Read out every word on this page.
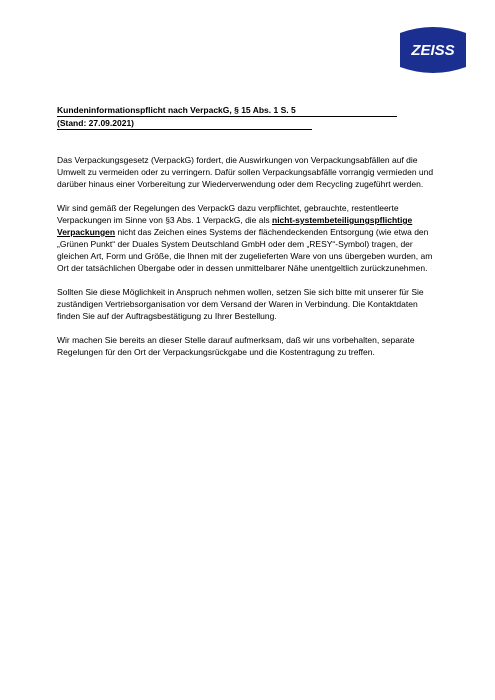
ZEISS
Kundeninformationspflicht nach VerpackG, § 15 Abs. 1 S. 5
(Stand: 27.09.2021)

Das Verpackungsgesetz (VerpackG) fordert, die Auswirkungen von Verpackungsabfällen auf die Umwelt zu vermeiden oder zu verringern. Dafür sollen Verpackungsabfälle vorrangig vermieden und darüber hinaus einer Vorbereitung zur Wiederverwendung oder dem Recycling zugeführt werden.

Wir sind gemäß der Regelungen des VerpackG dazu verpflichtet, gebrauchte, restentleerte Verpackungen im Sinne von §3 Abs. 1 VerpackG, die als nicht-systembeteiligungspflichtige Verpackungen nicht das Zeichen eines Systems der flächendeckenden Entsorgung (wie etwa den „Grünen Punkt“ der Duales System Deutschland GmbH oder dem „RESY“-Symbol) tragen, der gleichen Art, Form und Größe, die Ihnen mit der zugelieferten Ware von uns übergeben wurden, am Ort der tatsächlichen Übergabe oder in dessen unmittelbarer Nähe unentgeltlich zurückzunehmen.

Sollten Sie diese Möglichkeit in Anspruch nehmen wollen, setzen Sie sich bitte mit unserer für Sie zuständigen Vertriebsorganisation vor dem Versand der Waren in Verbindung. Die Kontaktdaten finden Sie auf der Auftragsbestätigung zu Ihrer Bestellung.

Wir machen Sie bereits an dieser Stelle darauf aufmerksam, daß wir uns vorbehalten, separate Regelungen für den Ort der Verpackungsrückgabe und die Kostentragung zu treffen.
